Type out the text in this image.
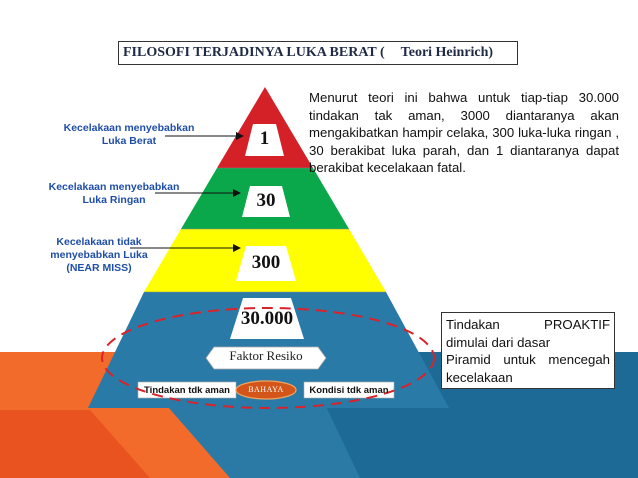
FILOSOFI TERJADINYA LUKA BERAT ( Teori Heinrich)
Menurut teori ini bahwa untuk tiap-tiap 30.000 tindakan tak aman, 3000 diantaranya akan mengakibatkan hampir celaka, 300 luka-luka ringan , 30 berakibat luka parah, dan 1 diantaranya dapat berakibat kecelakaan fatal.
Kecelakaan menyebabkan
Luka Berat
Kecelakaan menyebabkan
Luka Ringan
Kecelakaan tidak
menyebabkan Luka
(NEAR MISS)
1
30
300
30.000
Faktor Resiko
Tindakan tdk aman	BAHAYA	Kondisi tdk aman
Tindakan PROAKTIF
dimulai dari dasar
Piramid untuk mencegah
kecelakaan
